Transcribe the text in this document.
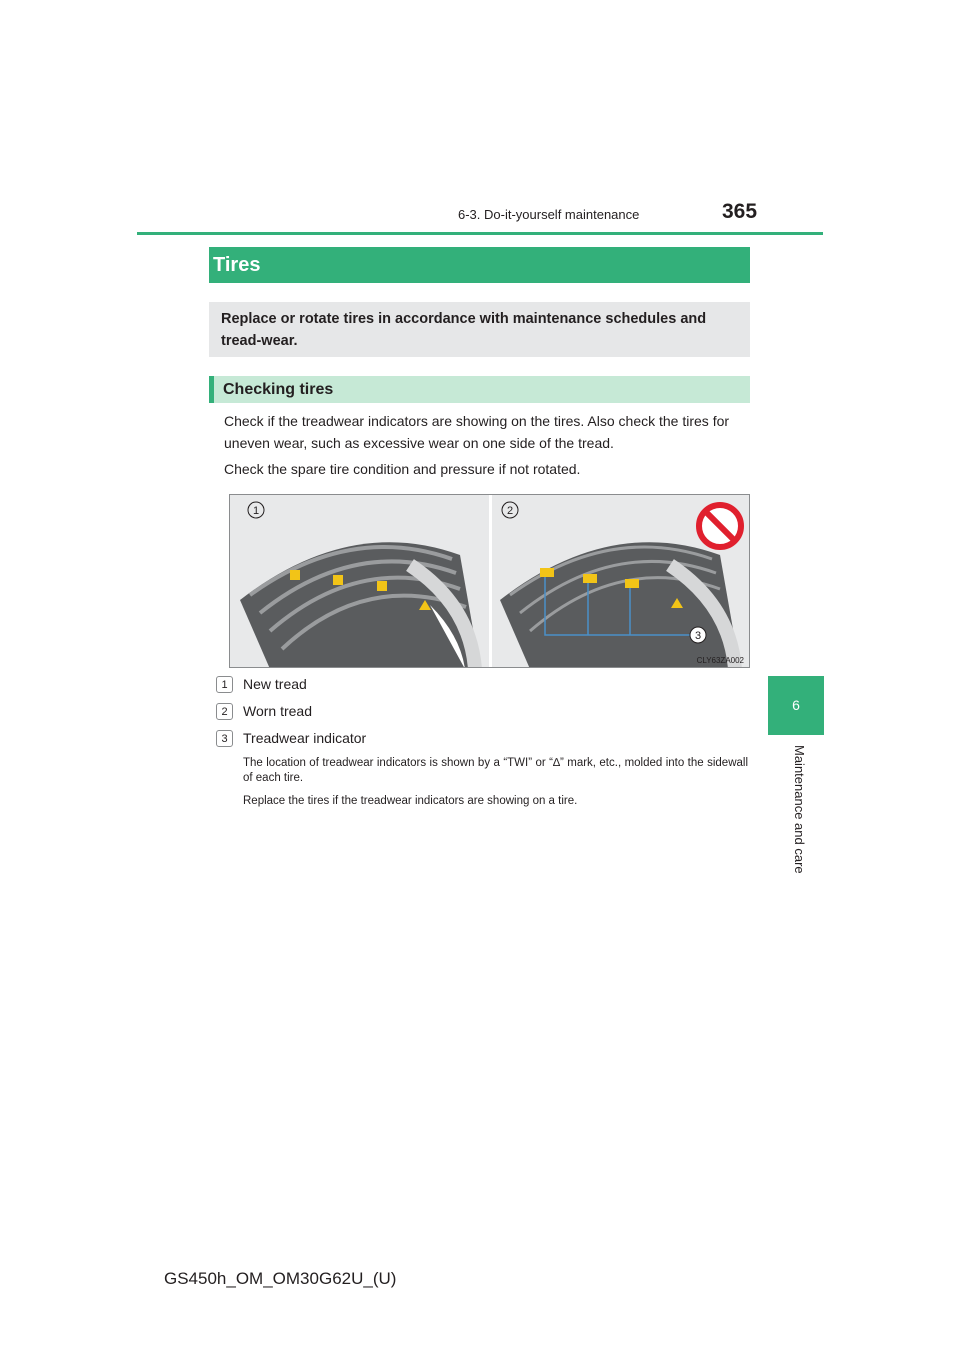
6-3. Do-it-yourself maintenance	365
6
Maintenance and care
Tires
Replace or rotate tires in accordance with maintenance schedules and tread-wear.
Checking tires
Check if the treadwear indicators are showing on the tires. Also check the tires for uneven wear, such as excessive wear on one side of the tread.
Check the spare tire condition and pressure if not rotated.
1	2
3
CLY63ZA002
1	New tread
2	Worn tread
3	Treadwear indicator
The location of treadwear indicators is shown by a “TWI” or “∆” mark, etc., molded into the sidewall of each tire.
Replace the tires if the treadwear indicators are showing on a tire.
GS450h_OM_OM30G62U_(U)
